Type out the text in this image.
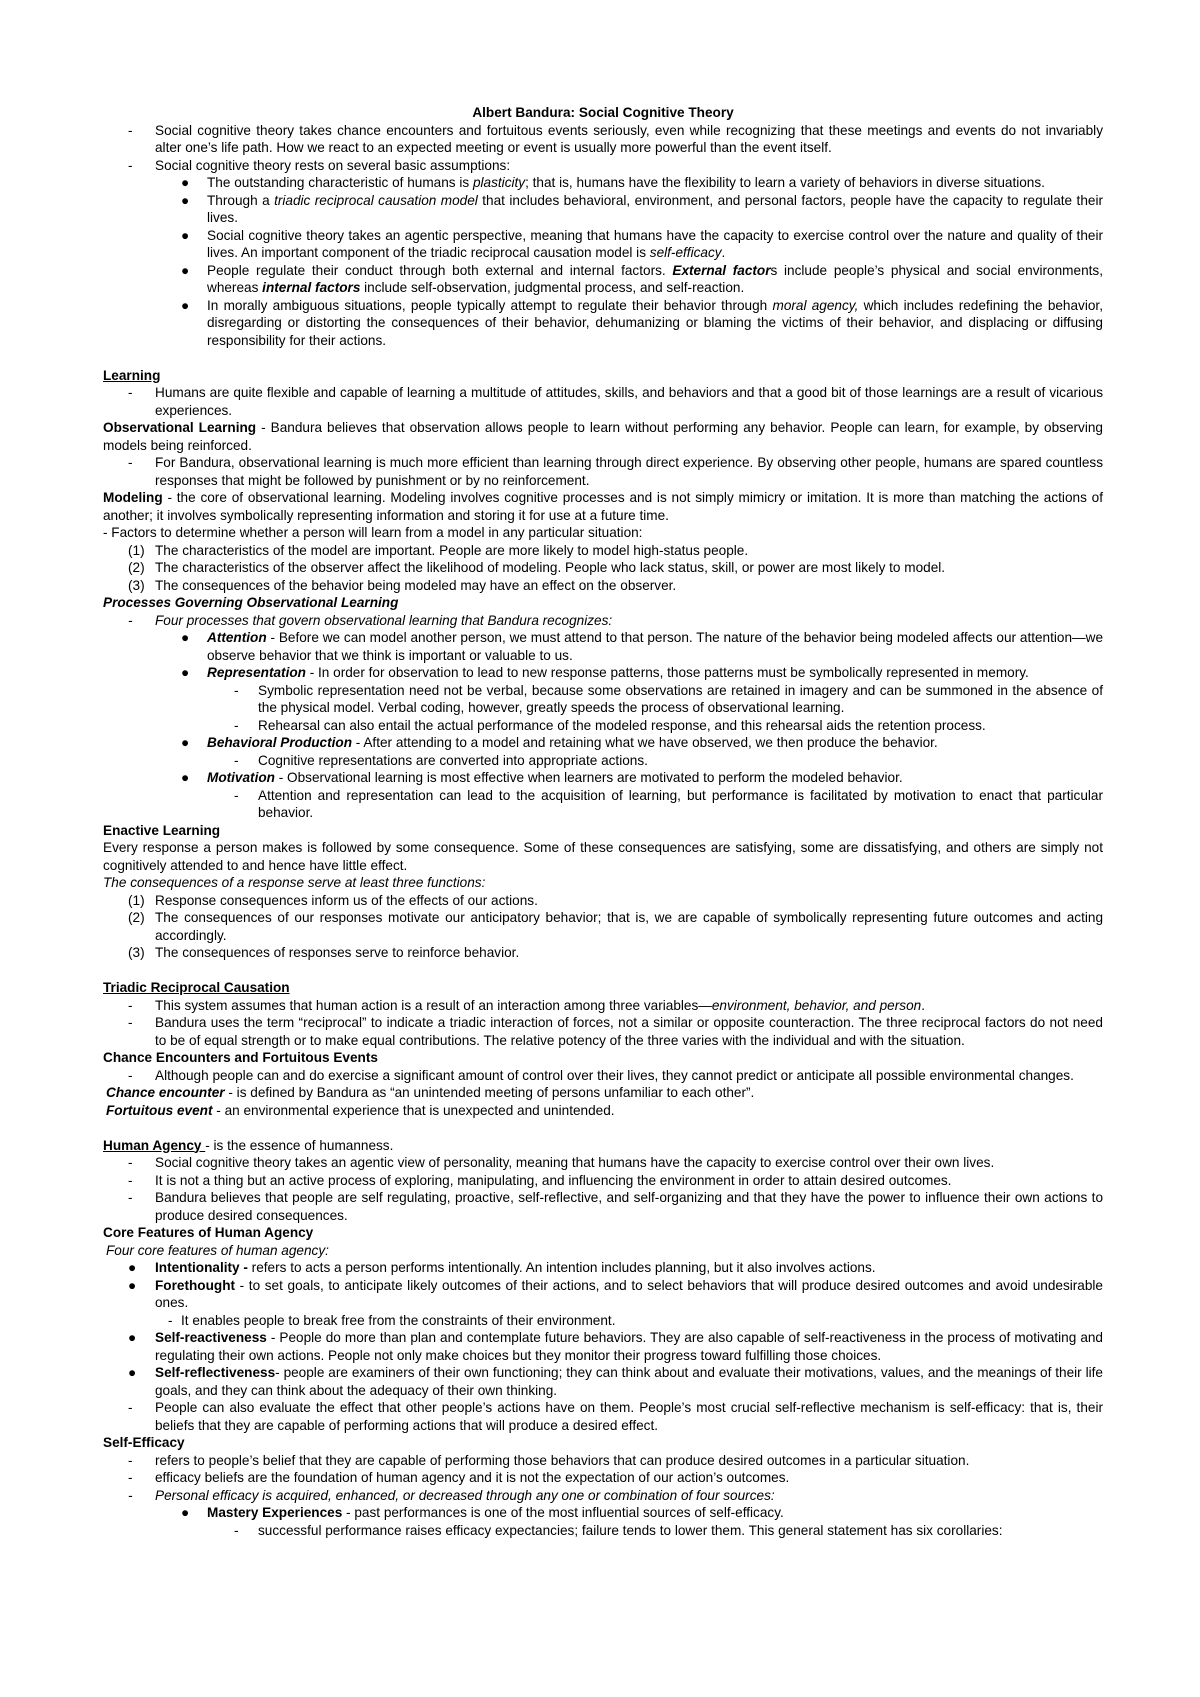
Albert Bandura: Social Cognitive Theory

- Social cognitive theory takes chance encounters and fortuitous events seriously, even while recognizing that these meetings and events do not invariably alter one’s life path. How we react to an expected meeting or event is usually more powerful than the event itself.
- Social cognitive theory rests on several basic assumptions:
● The outstanding characteristic of humans is plasticity; that is, humans have the flexibility to learn a variety of behaviors in diverse situations.
● Through a triadic reciprocal causation model that includes behavioral, environment, and personal factors, people have the capacity to regulate their lives.
● Social cognitive theory takes an agentic perspective, meaning that humans have the capacity to exercise control over the nature and quality of their lives. An important component of the triadic reciprocal causation model is self-efficacy.
● People regulate their conduct through both external and internal factors. External factors include people’s physical and social environments, whereas internal factors include self-observation, judgmental process, and self-reaction.
● In morally ambiguous situations, people typically attempt to regulate their behavior through moral agency, which includes redefining the behavior, disregarding or distorting the consequences of their behavior, dehumanizing or blaming the victims of their behavior, and displacing or diffusing responsibility for their actions.

Learning

- Humans are quite flexible and capable of learning a multitude of attitudes, skills, and behaviors and that a good bit of those learnings are a result of vicarious experiences.

Observational Learning - Bandura believes that observation allows people to learn without performing any behavior. People can learn, for example, by observing models being reinforced.

- For Bandura, observational learning is much more efficient than learning through direct experience. By observing other people, humans are spared countless responses that might be followed by punishment or by no reinforcement.

Modeling - the core of observational learning. Modeling involves cognitive processes and is not simply mimicry or imitation. It is more than matching the actions of another; it involves symbolically representing information and storing it for use at a future time.

- Factors to determine whether a person will learn from a model in any particular situation:

(1) The characteristics of the model are important. People are more likely to model high-status people.
(2) The characteristics of the observer affect the likelihood of modeling. People who lack status, skill, or power are most likely to model.
(3) The consequences of the behavior being modeled may have an effect on the observer.

Processes Governing Observational Learning

- Four processes that govern observational learning that Bandura recognizes:
● Attention - Before we can model another person, we must attend to that person. The nature of the behavior being modeled affects our attention—we observe behavior that we think is important or valuable to us.
● Representation - In order for observation to lead to new response patterns, those patterns must be symbolically represented in memory.
- Symbolic representation need not be verbal, because some observations are retained in imagery and can be summoned in the absence of the physical model. Verbal coding, however, greatly speeds the process of observational learning.
- Rehearsal can also entail the actual performance of the modeled response, and this rehearsal aids the retention process.
● Behavioral Production - After attending to a model and retaining what we have observed, we then produce the behavior.
- Cognitive representations are converted into appropriate actions.
● Motivation - Observational learning is most effective when learners are motivated to perform the modeled behavior.
- Attention and representation can lead to the acquisition of learning, but performance is facilitated by motivation to enact that particular behavior.

Enactive Learning

Every response a person makes is followed by some consequence. Some of these consequences are satisfying, some are dissatisfying, and others are simply not cognitively attended to and hence have little effect.

The consequences of a response serve at least three functions:

(1) Response consequences inform us of the effects of our actions.
(2) The consequences of our responses motivate our anticipatory behavior; that is, we are capable of symbolically representing future outcomes and acting accordingly.
(3) The consequences of responses serve to reinforce behavior.

Triadic Reciprocal Causation

- This system assumes that human action is a result of an interaction among three variables—environment, behavior, and person.
- Bandura uses the term “reciprocal” to indicate a triadic interaction of forces, not a similar or opposite counteraction. The three reciprocal factors do not need to be of equal strength or to make equal contributions. The relative potency of the three varies with the individual and with the situation.

Chance Encounters and Fortuitous Events

- Although people can and do exercise a significant amount of control over their lives, they cannot predict or anticipate all possible environmental changes.

Chance encounter - is defined by Bandura as “an unintended meeting of persons unfamiliar to each other”.

Fortuitous event - an environmental experience that is unexpected and unintended.

Human Agency - is the essence of humanness.

- Social cognitive theory takes an agentic view of personality, meaning that humans have the capacity to exercise control over their own lives.
- It is not a thing but an active process of exploring, manipulating, and influencing the environment in order to attain desired outcomes.
- Bandura believes that people are self regulating, proactive, self-reflective, and self-organizing and that they have the power to influence their own actions to produce desired consequences.

Core Features of Human Agency

Four core features of human agency:

● Intentionality - refers to acts a person performs intentionally. An intention includes planning, but it also involves actions.
● Forethought - to set goals, to anticipate likely outcomes of their actions, and to select behaviors that will produce desired outcomes and avoid undesirable ones.
- It enables people to break free from the constraints of their environment.
● Self-reactiveness - People do more than plan and contemplate future behaviors. They are also capable of self-reactiveness in the process of motivating and regulating their own actions. People not only make choices but they monitor their progress toward fulfilling those choices.
● Self-reflectiveness- people are examiners of their own functioning; they can think about and evaluate their motivations, values, and the meanings of their life goals, and they can think about the adequacy of their own thinking.
- People can also evaluate the effect that other people’s actions have on them. People’s most crucial self-reflective mechanism is self-efficacy: that is, their beliefs that they are capable of performing actions that will produce a desired effect.

Self-Efficacy

- refers to people’s belief that they are capable of performing those behaviors that can produce desired outcomes in a particular situation.
- efficacy beliefs are the foundation of human agency and it is not the expectation of our action’s outcomes.
- Personal efficacy is acquired, enhanced, or decreased through any one or combination of four sources:
● Mastery Experiences - past performances is one of the most influential sources of self-efficacy.
- successful performance raises efficacy expectancies; failure tends to lower them. This general statement has six corollaries:
